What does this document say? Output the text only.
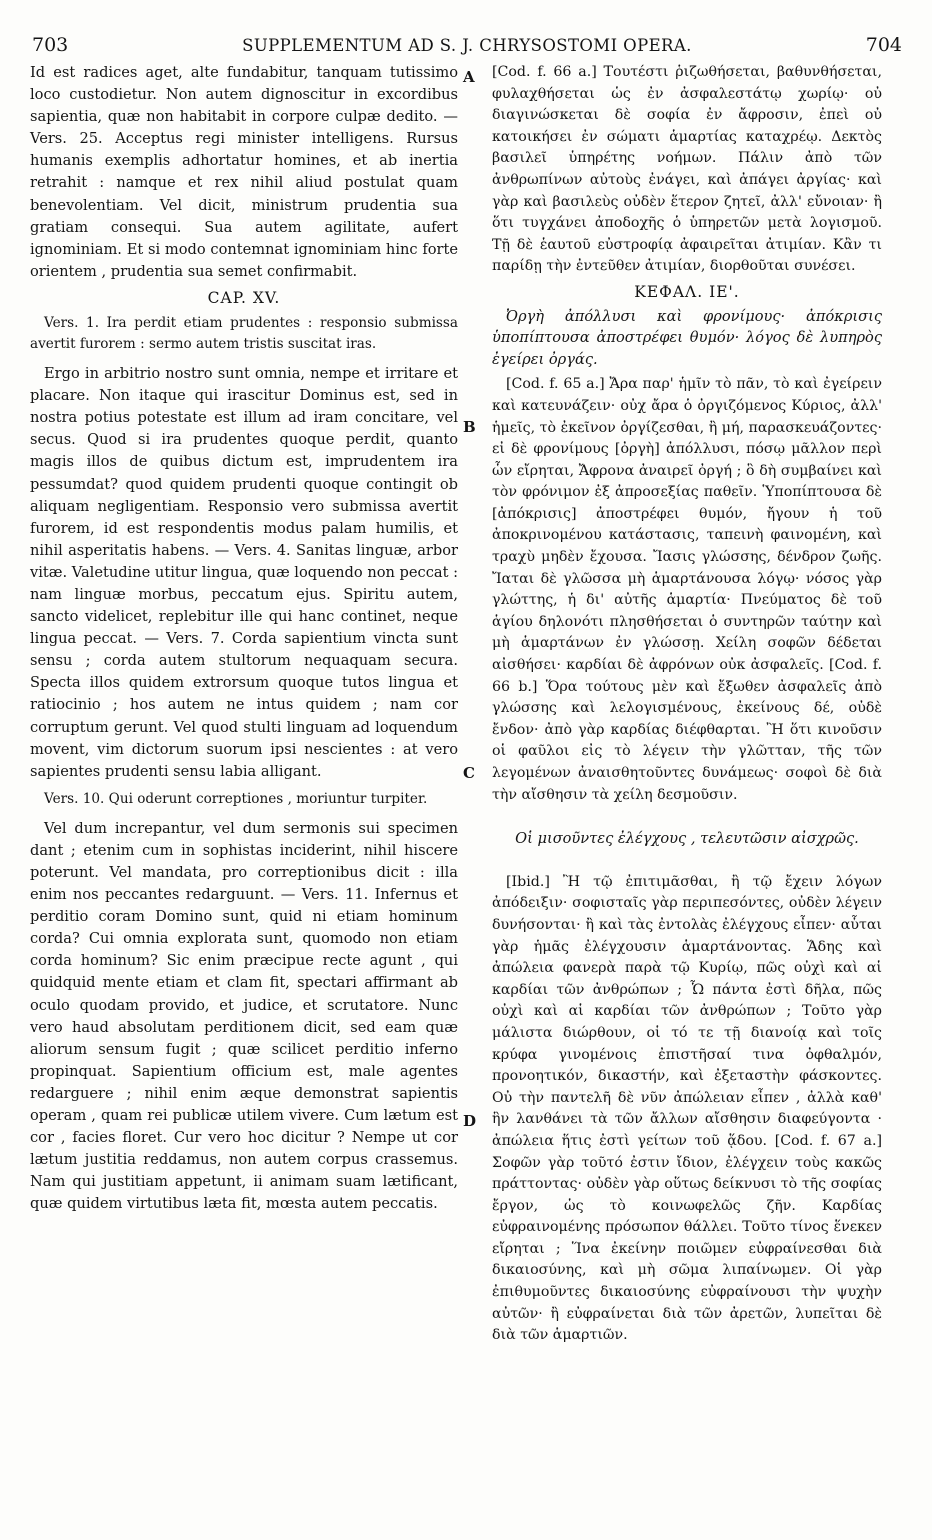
703	SUPPLEMENTUM AD S. J. CHRYSOSTOMI OPERA.	704
A
B
C
D

Id est radices aget, alte fundabitur, tanquam tutissimo loco custodietur. Non autem dignoscitur in excordibus sapientia, quæ non habitabit in corpore culpæ dedito. — Vers. 25. Acceptus regi minister intelligens. Rursus humanis exemplis adhortatur homines, et ab inertia retrahit : namque et rex nihil aliud postulat quam benevolentiam. Vel dicit, ministrum prudentia sua gratiam consequi. Sua autem agilitate, aufert ignominiam. Et si modo contemnat ignominiam hinc forte orientem , prudentia sua semet confirmabit.

CAP. XV.

Vers. 1. Ira perdit etiam prudentes : responsio submissa avertit furorem : sermo autem tristis suscitat iras.

Ergo in arbitrio nostro sunt omnia, nempe et irritare et placare. Non itaque qui irascitur Dominus est, sed in nostra potius potestate est illum ad iram concitare, vel secus. Quod si ira prudentes quoque perdit, quanto magis illos de quibus dictum est, imprudentem ira pessumdat? quod quidem prudenti quoque contingit ob aliquam negligentiam. Responsio vero submissa avertit furorem, id est respondentis modus palam humilis, et nihil asperitatis habens. — Vers. 4. Sanitas linguæ, arbor vitæ. Valetudine utitur lingua, quæ loquendo non peccat : nam linguæ morbus, peccatum ejus. Spiritu autem, sancto videlicet, replebitur ille qui hanc continet, neque lingua peccat. — Vers. 7. Corda sapientium vincta sunt sensu ; corda autem stultorum nequaquam secura. Specta illos quidem extrorsum quoque tutos lingua et ratiocinio ; hos autem ne intus quidem ; nam cor corruptum gerunt. Vel quod stulti linguam ad loquendum movent, vim dictorum suorum ipsi nescientes : at vero sapientes prudenti sensu labia alligant.

Vers. 10. Qui oderunt correptiones , moriuntur turpiter.

Vel dum increpantur, vel dum sermonis sui specimen dant ; etenim cum in sophistas inciderint, nihil hiscere poterunt. Vel mandata, pro correptionibus dicit : illa enim nos peccantes redarguunt. — Vers. 11. Infernus et perditio coram Domino sunt, quid ni etiam hominum corda? Cui omnia explorata sunt, quomodo non etiam corda hominum? Sic enim præcipue recte agunt , qui quidquid mente etiam et clam fit, spectari affirmant ab oculo quodam provido, et judice, et scrutatore. Nunc vero haud absolutam perditionem dicit, sed eam quæ aliorum sensum fugit ; quæ scilicet perditio inferno propinquat. Sapientium officium est, male agentes redarguere ; nihil enim æque demonstrat sapientis operam , quam rei publicæ utilem vivere. Cum lætum est cor , facies floret. Cur vero hoc dicitur ? Nempe ut cor lætum justitia reddamus, non autem corpus crassemus. Nam qui justitiam appetunt, ii animam suam lætificant, quæ quidem virtutibus læta fit, mœsta autem peccatis.

[Cod. f. 66 a.] Τουτέστι ῥιζωθήσεται, βαθυνθήσεται, φυλαχθήσεται ὡς ἐν ἀσφαλεστάτῳ χωρίῳ· οὐ διαγινώσκεται δὲ σοφία ἐν ἄφροσιν, ἐπεὶ οὐ κατοικήσει ἐν σώματι ἁμαρτίας καταχρέῳ. Δεκτὸς βασιλεῖ ὑπηρέτης νοήμων. Πάλιν ἀπὸ τῶν ἀνθρωπίνων αὐτοὺς ἐνάγει, καὶ ἀπάγει ἀργίας· καὶ γὰρ καὶ βασιλεὺς οὐδὲν ἕτερον ζητεῖ, ἀλλ' εὔνοιαν· ἢ ὅτι τυγχάνει ἀποδοχῆς ὁ ὑπηρετῶν μετὰ λογισμοῦ. Τῇ δὲ ἑαυτοῦ εὐστροφίᾳ ἀφαιρεῖται ἀτιμίαν. Κἂν τι παρίδῃ τὴν ἐντεῦθεν ἀτιμίαν, διορθοῦται συνέσει.

ΚΕΦΑΛ. ΙΕ'.

Ὀργὴ ἀπόλλυσι καὶ φρονίμους· ἀπόκρισις ὑποπίπτουσα ἀποστρέφει θυμόν· λόγος δὲ λυπηρὸς ἐγείρει ὀργάς.

[Cod. f. 65 a.] Ἄρα παρ' ἡμῖν τὸ πᾶν, τὸ καὶ ἐγείρειν καὶ κατευνάζειν· οὐχ ἄρα ὁ ὀργιζόμενος Κύριος, ἀλλ' ἡμεῖς, τὸ ἐκεῖνον ὀργίζεσθαι, ἢ μή, παρασκευάζοντες· εἰ δὲ φρονίμους [ὀργὴ] ἀπόλλυσι, πόσῳ μᾶλλον περὶ ὧν εἴρηται, Ἄφρονα ἀναιρεῖ ὀργή ; ὃ δὴ συμβαίνει καὶ τὸν φρόνιμον ἐξ ἀπροσεξίας παθεῖν. Ὑποπίπτουσα δὲ [ἀπόκρισις] ἀποστρέφει θυμόν, ἤγουν ἡ τοῦ ἀποκρινομένου κατάστασις, ταπεινὴ φαινομένη, καὶ τραχὺ μηδὲν ἔχουσα. Ἴασις γλώσσης, δένδρον ζωῆς. Ἴαται δὲ γλῶσσα μὴ ἁμαρτάνουσα λόγῳ· νόσος γὰρ γλώττης, ἡ δι' αὐτῆς ἁμαρτία· Πνεύματος δὲ τοῦ ἁγίου δηλονότι πλησθήσεται ὁ συντηρῶν ταύτην καὶ μὴ ἁμαρτάνων ἐν γλώσσῃ. Χείλη σοφῶν δέδεται αἰσθήσει· καρδίαι δὲ ἀφρόνων οὐκ ἀσφαλεῖς. [Cod. f. 66 b.] Ὅρα τούτους μὲν καὶ ἔξωθεν ἀσφαλεῖς ἀπὸ γλώσσης καὶ λελογισμένους, ἐκείνους δέ, οὐδὲ ἔνδον· ἀπὸ γὰρ καρδίας διέφθαρται. Ἢ ὅτι κινοῦσιν οἱ φαῦλοι εἰς τὸ λέγειν τὴν γλῶτταν, τῆς τῶν λεγομένων ἀναισθητοῦντες δυνάμεως· σοφοὶ δὲ διὰ τὴν αἴσθησιν τὰ χείλη δεσμοῦσιν.

Οἱ μισοῦντες ἐλέγχους , τελευτῶσιν αἰσχρῶς.

[Ibid.] Ἢ τῷ ἐπιτιμᾶσθαι, ἢ τῷ ἔχειν λόγων ἀπόδειξιν· σοφισταῖς γὰρ περιπεσόντες, οὐδὲν λέγειν δυνήσονται· ἢ καὶ τὰς ἐντολὰς ἐλέγχους εἶπεν· αὗται γὰρ ἡμᾶς ἐλέγχουσιν ἁμαρτάνοντας. Ἅδης καὶ ἀπώλεια φανερὰ παρὰ τῷ Κυρίῳ, πῶς οὐχὶ καὶ αἱ καρδίαι τῶν ἀνθρώπων ; Ὧ πάντα ἐστὶ δῆλα, πῶς οὐχὶ καὶ αἱ καρδίαι τῶν ἀνθρώπων ; Τοῦτο γὰρ μάλιστα διώρθουν, οἱ τό τε τῇ διανοίᾳ καὶ τοῖς κρύφα γινομένοις ἐπιστῆσαί τινα ὀφθαλμόν, προνοητικόν, δικαστήν, καὶ ἐξεταστὴν φάσκοντες. Οὐ τὴν παντελῆ δὲ νῦν ἀπώλειαν εἶπεν , ἀλλὰ καθ' ἣν λανθάνει τὰ τῶν ἄλλων αἴσθησιν διαφεύγοντα · ἀπώλεια ἥτις ἐστὶ γείτων τοῦ ᾅδου. [Cod. f. 67 a.] Σοφῶν γὰρ τοῦτό ἐστιν ἴδιον, ἐλέγχειν τοὺς κακῶς πράττοντας· οὐδὲν γὰρ οὕτως δείκνυσι τὸ τῆς σοφίας ἔργον, ὡς τὸ κοινωφελῶς ζῆν. Καρδίας εὐφραινομένης πρόσωπον θάλλει. Τοῦτο τίνος ἕνεκεν εἴρηται ; Ἵνα ἐκείνην ποιῶμεν εὐφραίνεσθαι διὰ δικαιοσύνης, καὶ μὴ σῶμα λιπαίνωμεν. Οἱ γὰρ ἐπιθυμοῦντες δικαιοσύνης εὐφραίνουσι τὴν ψυχὴν αὐτῶν· ἢ εὐφραίνεται διὰ τῶν ἀρετῶν, λυπεῖται δὲ διὰ τῶν ἁμαρτιῶν.
